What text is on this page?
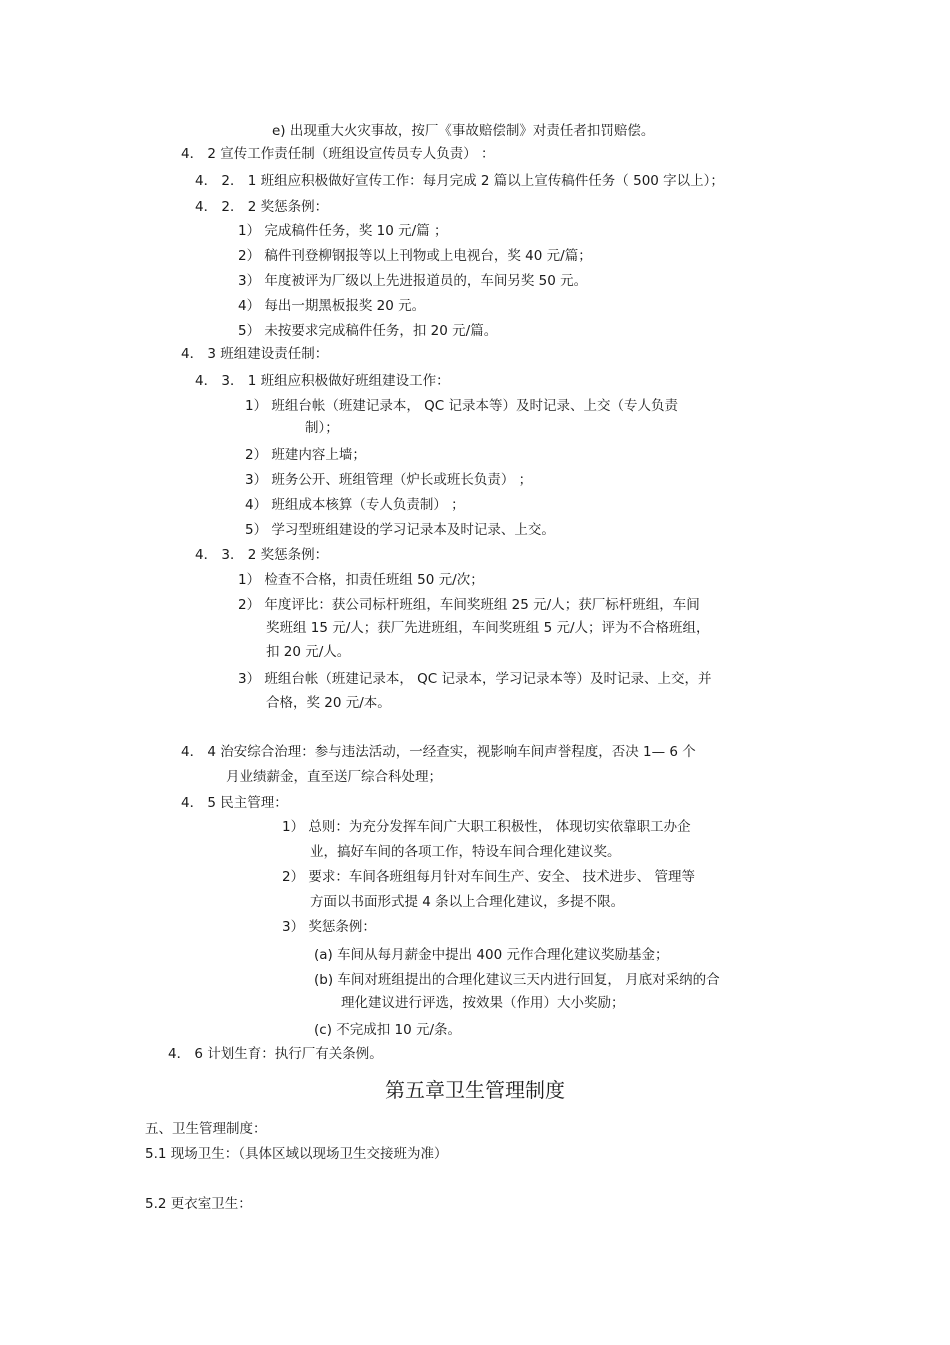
e) 出现重大火灾事故，按厂《事故赔偿制》对责任者扣罚赔偿。
4． 2 宣传工作责任制（班组设宣传员专人负责） ：
4． 2． 1 班组应积极做好宣传工作：每月完成 2 篇以上宣传稿件任务（ 500 字以上）；
4． 2． 2 奖惩条例：
1） 完成稿件任务，奖 10 元/篇 ；
2） 稿件刊登柳钢报等以上刊物或上电视台，奖 40 元/篇；
3） 年度被评为厂级以上先进报道员的，车间另奖 50 元。
4） 每出一期黑板报奖 20 元。
5） 未按要求完成稿件任务，扣 20 元/篇。
4． 3 班组建设责任制：
4． 3． 1 班组应积极做好班组建设工作：
1） 班组台帐（班建记录本， QC 记录本等）及时记录、上交（专人负责
制）；
2） 班建内容上墙；
3） 班务公开、班组管理（炉长或班长负责） ；
4） 班组成本核算（专人负责制） ；
5） 学习型班组建设的学习记录本及时记录、上交。
4． 3． 2 奖惩条例：
1） 检查不合格，扣责任班组 50 元/次；
2） 年度评比：获公司标杆班组，车间奖班组 25 元/人；获厂标杆班组，车间
奖班组 15 元/人；获厂先进班组，车间奖班组 5 元/人；评为不合格班组，
扣 20 元/人。
3） 班组台帐（班建记录本， QC 记录本，学习记录本等）及时记录、上交，并
合格，奖 20 元/本。
4． 4 治安综合治理：参与违法活动，一经查实，视影响车间声誉程度，否决 1— 6 个
月业绩薪金，直至送厂综合科处理；
4． 5 民主管理：
1） 总则：为充分发挥车间广大职工积极性， 体现切实依靠职工办企
业，搞好车间的各项工作，特设车间合理化建议奖。
2） 要求：车间各班组每月针对车间生产、安全、 技术进步、 管理等
方面以书面形式提 4 条以上合理化建议，多提不限。
3） 奖惩条例：
(a) 车间从每月薪金中提出 400 元作合理化建议奖励基金；
(b) 车间对班组提出的合理化建议三天内进行回复， 月底对采纳的合
理化建议进行评选，按效果（作用）大小奖励；
(c) 不完成扣 10 元/条。
4． 6 计划生育：执行厂有关条例。
第五章卫生管理制度
五、卫生管理制度：
5.1 现场卫生：（具体区域以现场卫生交接班为准）
5.2 更衣室卫生：
